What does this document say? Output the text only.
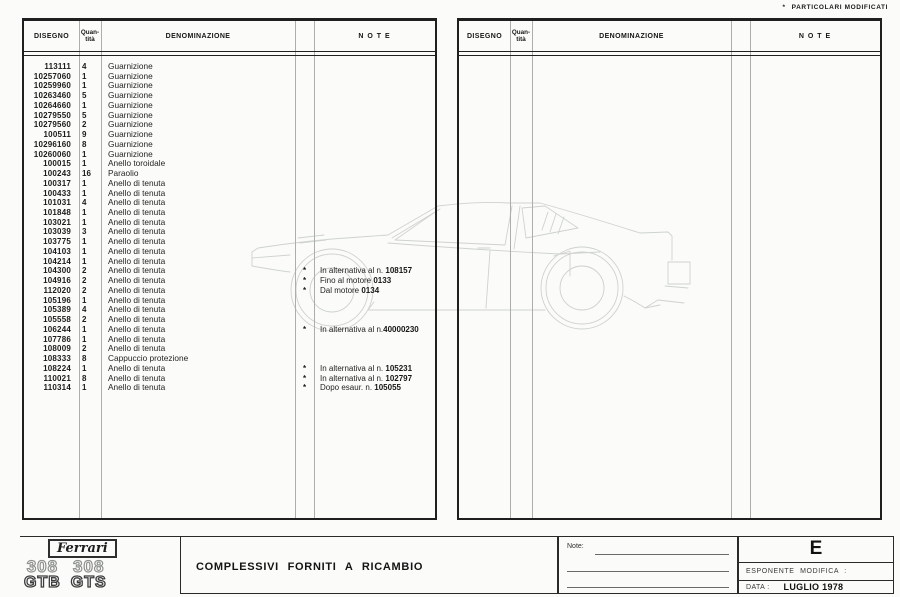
* PARTICOLARI MODIFICATI
DISEGNO	Quan-
tità	DENOMINAZIONE	N O T E
113111	4	Guarnizione
10257060	1	Guarnizione
10259960	1	Guarnizione
10263460	5	Guarnizione
10264660	1	Guarnizione
10279550	5	Guarnizione
10279560	2	Guarnizione
100511	9	Guarnizione
10296160	8	Guarnizione
10260060	1	Guarnizione
100015	1	Anello toroidale
100243	16	Paraolio
100317	1	Anello di tenuta
100433	1	Anello di tenuta
101031	4	Anello di tenuta
101848	1	Anello di tenuta
103021	1	Anello di tenuta
103039	3	Anello di tenuta
103775	1	Anello di tenuta
104103	1	Anello di tenuta
104214	1	Anello di tenuta
104300	2	Anello di tenuta	*	In alternativa al n. 108157
104916	2	Anello di tenuta	*	Fino al motore 0133
112020	2	Anello di tenuta	*	Dal motore 0134
105196	1	Anello di tenuta
105389	4	Anello di tenuta
105558	2	Anello di tenuta
106244	1	Anello di tenuta	*	In alternativa al n.40000230
107786	1	Anello di tenuta
108009	2	Anello di tenuta
108333	8	Cappuccio protezione
108224	1	Anello di tenuta	*	In alternativa al n. 105231
110021	8	Anello di tenuta	*	In alternativa al n. 102797
110314	1	Anello di tenuta	*	Dopo esaur. n. 105055
DISEGNO	Quan-
tità	DENOMINAZIONE	N O T E
Ferrari
308
GTB
308
GTS
COMPLESSIVI FORNITI A RICAMBIO
Note:	E
ESPONENTE MODIFICA :
DATA : LUGLIO 1978
